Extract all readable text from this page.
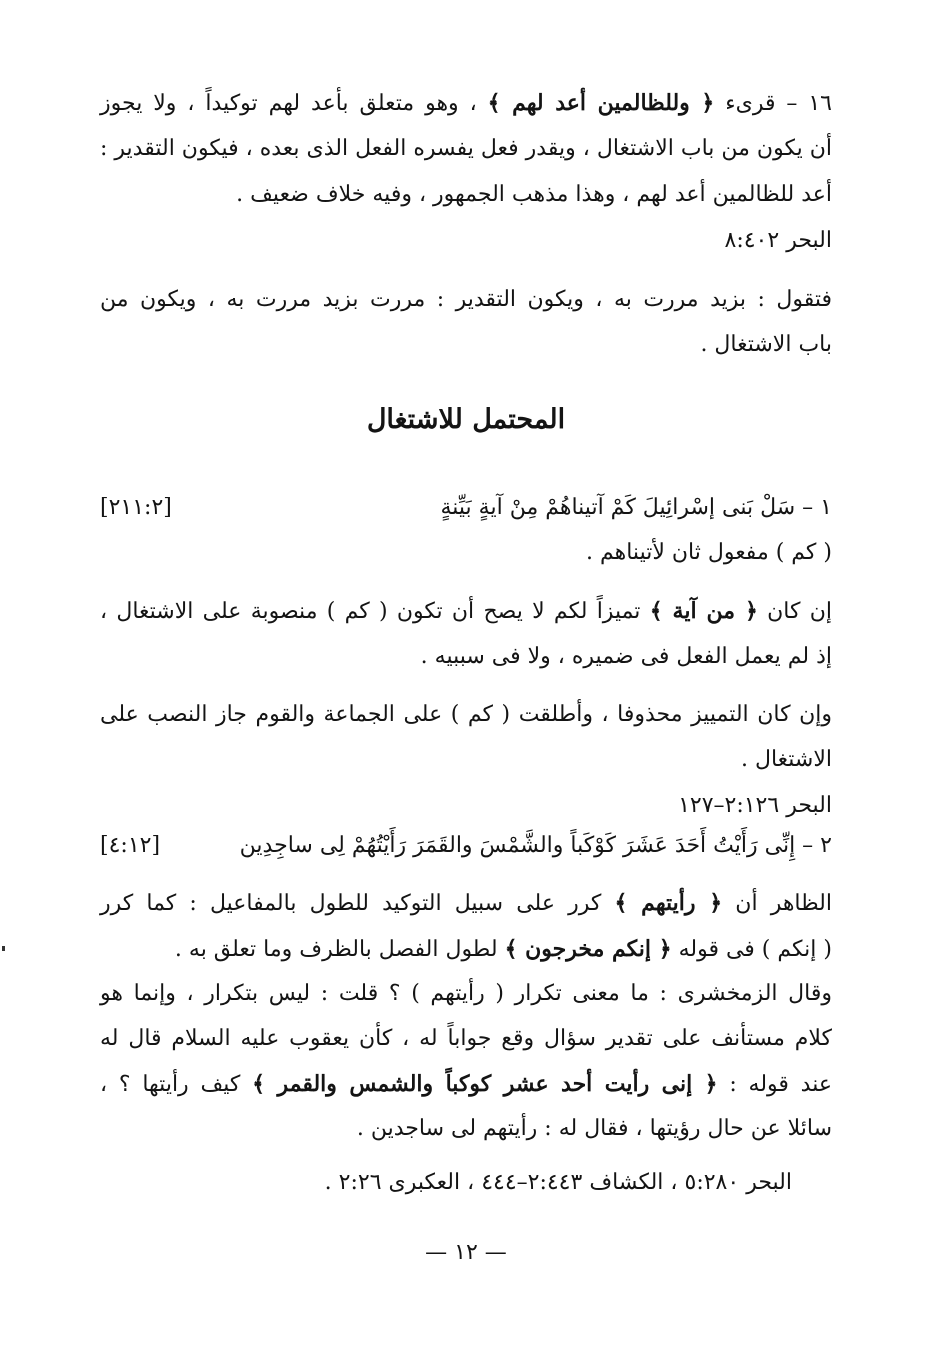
١٦ – قرىء ﴿ وللظالمين أعد لهم ﴾ ، وهو متعلق بأعد لهم توكيداً ، ولا يجوز
أن يكون من باب الاشتغال ، ويقدر فعل يفسره الفعل الذى بعده ، فيكون التقدير :
أعد للظالمين أعد لهم ، وهذا مذهب الجمهور ، وفيه خلاف ضعيف .
البحر ٨:٤٠٢
فتقول : بزيد مررت به ، ويكون التقدير : مررت بزيد مررت به ، ويكون من
باب الاشتغال .
المحتمل للاشتغال
١ – سَلْ بَنى إسْرائِيلَ كَمْ آتيناهُمْ مِنْ آيةٍ بَيِّنةٍ
[٢١١:٢]
( كم ) مفعول ثان لأتيناهم .
إن كان ﴿ من آية ﴾ تميزاً لكم لا يصح أن تكون ( كم ) منصوبة على الاشتغال ،
إذ لم يعمل الفعل فى ضميره ، ولا فى سببيه .
وإن كان التمييز محذوفا ، وأطلقت ( كم ) على الجماعة والقوم جاز النصب على
الاشتغال .
البحر ٢:١٢٦–١٢٧
٢ – إِنِّى رَأَيْتُ أَحَدَ عَشَرَ كَوْكَباً والشَّمْسَ والقَمَرَ رَأَيْتُهُمْ لِى ساجِدِين
[٤:١٢]
الظاهر أن ﴿ رأيتهم ﴾ كرر على سبيل التوكيد للطول بالمفاعيل : كما كرر
( إنكم ) فى قوله ﴿ إنكم مخرجون ﴾ لطول الفصل بالظرف وما تعلق به .
وقال الزمخشرى : ما معنى تكرار ( رأيتهم ) ؟ قلت : ليس بتكرار ، وإنما هو
كلام مستأنف على تقدير سؤال وقع جواباً له ، كأن يعقوب عليه السلام قال له
عند قوله : ﴿ إنى رأيت أحد عشر كوكباً والشمس والقمر ﴾ كيف رأيتها ؟ ،
سائلا عن حال رؤيتها ، فقال له : رأيتهم لى ساجدين .
البحر ٥:٢٨٠ ، الكشاف ٢:٤٤٣–٤٤٤ ، العكبرى ٢:٢٦ .
— ١٢ —
